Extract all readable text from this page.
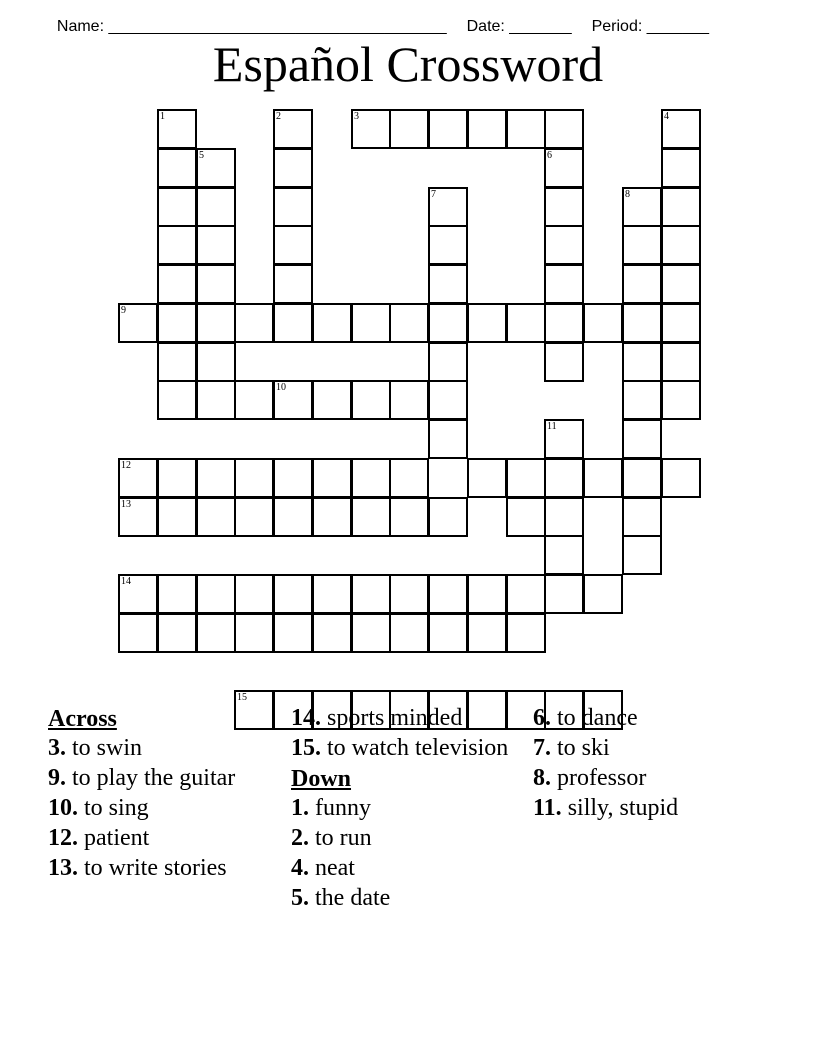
Name: ______________________________________ Date: _______ Period: _______

Español Crossword
1
5
2	3	4
6
7	8
9
10
11
12
13
14
15
Across
3. to swin
9. to play the guitar
10. to sing
12. patient
13. to write stories
14. sports minded
15. to watch television
Down
1. funny
2. to run
4. neat
5. the date
6. to dance
7. to ski
8. professor
11. silly, stupid
